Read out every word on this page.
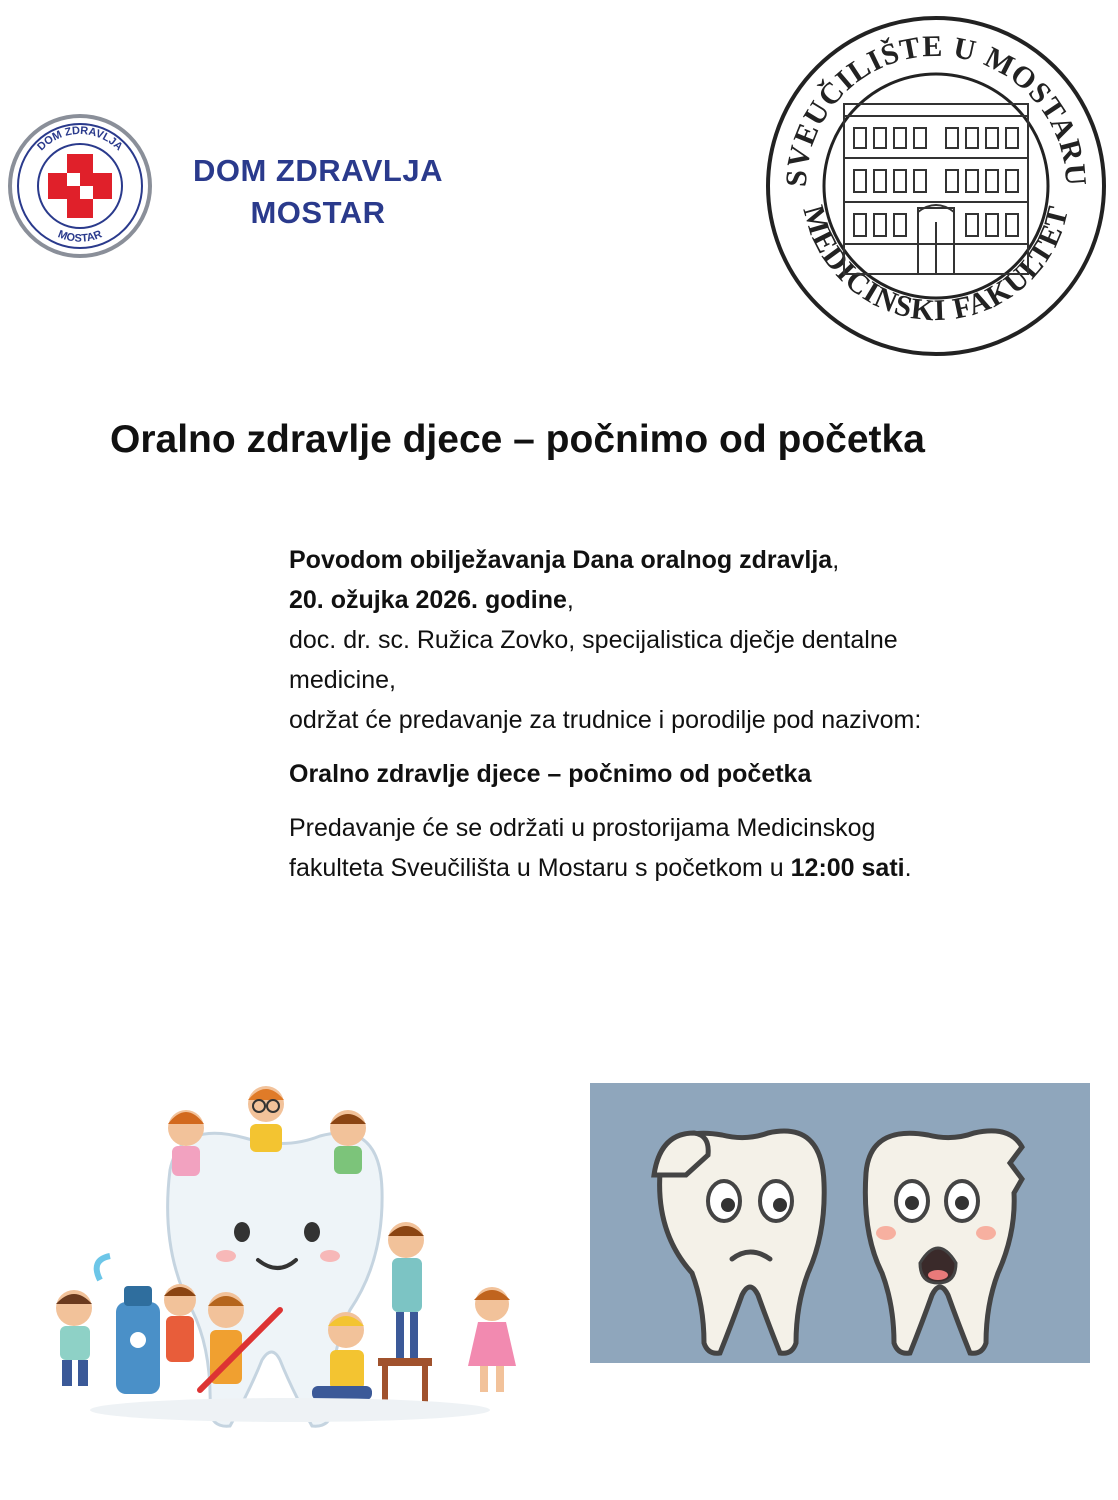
DOM ZDRAVLJA
MOSTAR
DOM ZDRAVLJA
MOSTAR
SVEUČILIŠTE U MOSTARU
MEDICINSKI FAKULTET
Oralno zdravlje djece – počnimo od početka

Povodom obilježavanja Dana oralnog zdravlja,

20. ožujka 2026. godine,

doc. dr. sc. Ružica Zovko, specijalistica dječje dentalne medicine,

održat će predavanje za trudnice i porodilje pod nazivom:

Oralno zdravlje djece – počnimo od početka

Predavanje će se održati u prostorijama Medicinskog fakulteta Sveučilišta u Mostaru s početkom u 12:00 sati.
